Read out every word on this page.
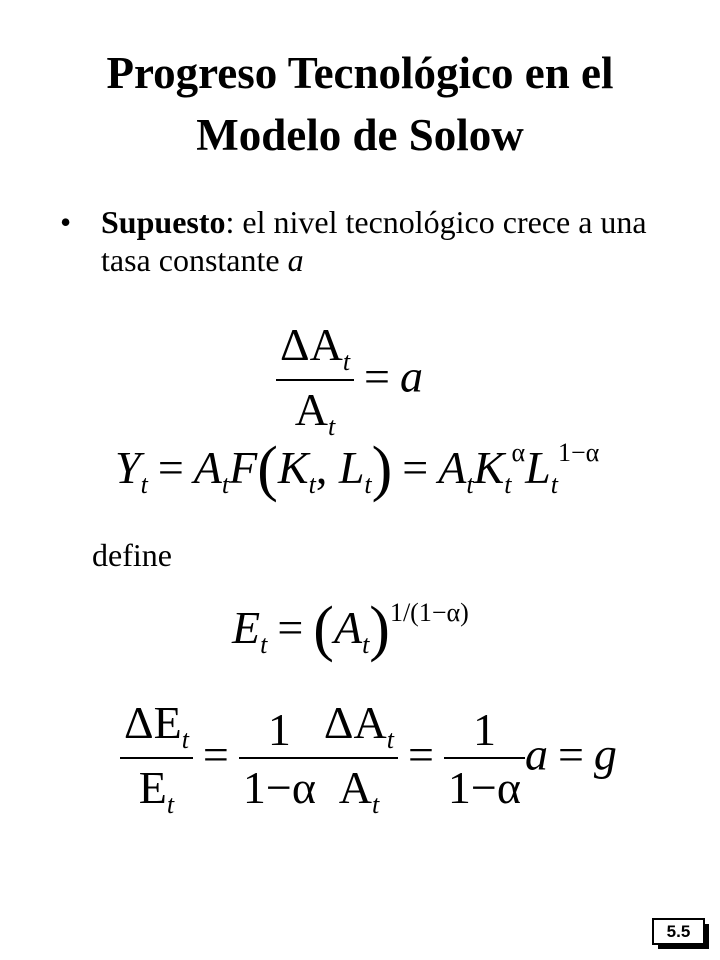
Progreso Tecnológico en el
Modelo de Solow
• Supuesto: el nivel tecnológico crece a una tasa constante a
$\frac{\Delta A_t}{A_t} = a$
$Y_t = A_tF(K_t$, $L_t) = A_tK_t^\alpha L_t^{1-\alpha}$
define
$E_t = (A_t)^{1/(1-\alpha)}$
$\frac{\Delta E_t}{E_t} = \frac{1}{1-\alpha} \frac{\Delta A_t}{A_t} = \frac{1}{1-\alpha}$ a = g
5.5
